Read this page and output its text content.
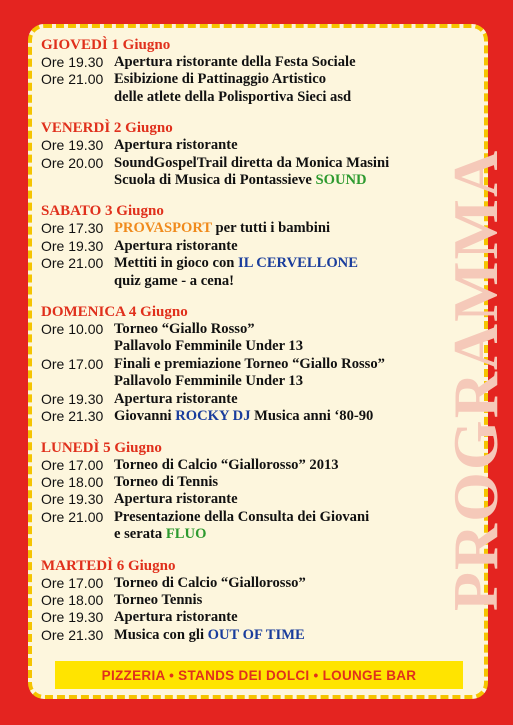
PROGRAMMA
GIOVEDÌ 1 Giugno
Ore 19.30 Apertura ristorante della Festa Sociale
Ore 21.00 Esibizione di Pattinaggio Artistico
delle atlete della Polisportiva Sieci asd
VENERDÌ 2 Giugno
Ore 19.30 Apertura ristorante
Ore 20.00 SoundGospelTrail diretta da Monica Masini
Scuola di Musica di Pontassieve SOUND
SABATO 3 Giugno
Ore 17.30 PROVASPORT per tutti i bambini
Ore 19.30 Apertura ristorante
Ore 21.00 Mettiti in gioco con IL CERVELLONE
quiz game - a cena!
DOMENICA 4 Giugno
Ore 10.00 Torneo “Giallo Rosso”
Pallavolo Femminile Under 13
Ore 17.00 Finali e premiazione Torneo “Giallo Rosso”
Pallavolo Femminile Under 13
Ore 19.30 Apertura ristorante
Ore 21.30 Giovanni ROCKY DJ Musica anni ‘80-90
LUNEDÌ 5 Giugno
Ore 17.00 Torneo di Calcio “Giallorosso” 2013
Ore 18.00 Torneo di Tennis
Ore 19.30 Apertura ristorante
Ore 21.00 Presentazione della Consulta dei Giovani
e serata FLUO
MARTEDÌ 6 Giugno
Ore 17.00 Torneo di Calcio “Giallorosso”
Ore 18.00 Torneo Tennis
Ore 19.30 Apertura ristorante
Ore 21.30 Musica con gli OUT OF TIME
PIZZERIA • STANDS DEI DOLCI • LOUNGE BAR
